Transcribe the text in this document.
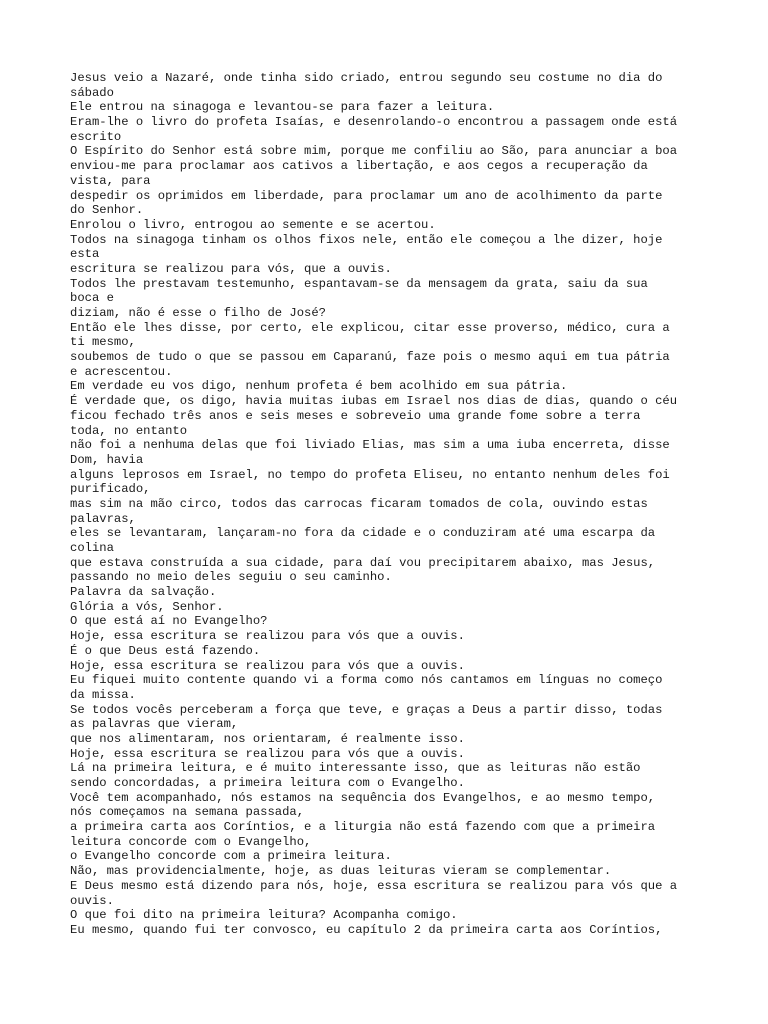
Jesus veio a Nazaré, onde tinha sido criado, entrou segundo seu costume no dia do
sábado
Ele entrou na sinagoga e levantou-se para fazer a leitura.
Eram-lhe o livro do profeta Isaías, e desenrolando-o encontrou a passagem onde está
escrito
O Espírito do Senhor está sobre mim, porque me confiliu ao São, para anunciar a boa
enviou-me para proclamar aos cativos a libertação, e aos cegos a recuperação da
vista, para
despedir os oprimidos em liberdade, para proclamar um ano de acolhimento da parte
do Senhor.
Enrolou o livro, entrogou ao semente e se acertou.
Todos na sinagoga tinham os olhos fixos nele, então ele começou a lhe dizer, hoje
esta
escritura se realizou para vós, que a ouvis.
Todos lhe prestavam testemunho, espantavam-se da mensagem da grata, saiu da sua
boca e
diziam, não é esse o filho de José?
Então ele lhes disse, por certo, ele explicou, citar esse proverso, médico, cura a
ti mesmo,
soubemos de tudo o que se passou em Caparanú, faze pois o mesmo aqui em tua pátria
e acrescentou.
Em verdade eu vos digo, nenhum profeta é bem acolhido em sua pátria.
É verdade que, os digo, havia muitas iubas em Israel nos dias de dias, quando o céu
ficou fechado três anos e seis meses e sobreveio uma grande fome sobre a terra
toda, no entanto
não foi a nenhuma delas que foi liviado Elias, mas sim a uma iuba encerreta, disse
Dom, havia
alguns leprosos em Israel, no tempo do profeta Eliseu, no entanto nenhum deles foi
purificado,
mas sim na mão circo, todos das carrocas ficaram tomados de cola, ouvindo estas
palavras,
eles se levantaram, lançaram-no fora da cidade e o conduziram até uma escarpa da
colina
que estava construída a sua cidade, para daí vou precipitarem abaixo, mas Jesus,
passando no meio deles seguiu o seu caminho.
Palavra da salvação.
Glória a vós, Senhor.
O que está aí no Evangelho?
Hoje, essa escritura se realizou para vós que a ouvis.
É o que Deus está fazendo.
Hoje, essa escritura se realizou para vós que a ouvis.
Eu fiquei muito contente quando vi a forma como nós cantamos em línguas no começo
da missa.
Se todos vocês perceberam a força que teve, e graças a Deus a partir disso, todas
as palavras que vieram,
que nos alimentaram, nos orientaram, é realmente isso.
Hoje, essa escritura se realizou para vós que a ouvis.
Lá na primeira leitura, e é muito interessante isso, que as leituras não estão
sendo concordadas, a primeira leitura com o Evangelho.
Você tem acompanhado, nós estamos na sequência dos Evangelhos, e ao mesmo tempo,
nós começamos na semana passada,
a primeira carta aos Coríntios, e a liturgia não está fazendo com que a primeira
leitura concorde com o Evangelho,
o Evangelho concorde com a primeira leitura.
Não, mas providencialmente, hoje, as duas leituras vieram se complementar.
E Deus mesmo está dizendo para nós, hoje, essa escritura se realizou para vós que a
ouvis.
O que foi dito na primeira leitura? Acompanha comigo.
Eu mesmo, quando fui ter convosco, eu capítulo 2 da primeira carta aos Coríntios,
